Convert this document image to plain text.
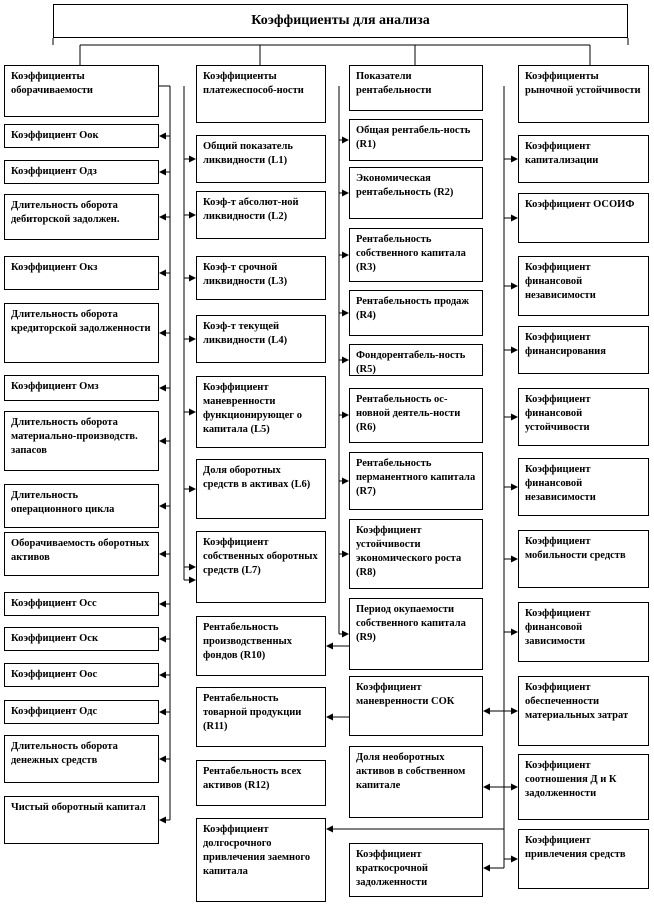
Коэффициенты для анализа
Коэффициенты оборачиваемости
Коэффициент Оок
Коэффициент Одз
Длительность оборота дебиторской задолжен.
Коэффициент Окз
Длительность оборота кредиторской задолженности
Коэффициент Омз
Длительность оборота материально-производств. запасов
Длительность операционного цикла
Оборачиваемость оборотных активов
Коэффициент Осс
Коэффициент Оск
Коэффициент Оос
Коэффициент Одс
Длительность оборота денежных средств
Чистый оборотный капитал
Коэффициенты платежеспособ-ности
Общий показатель ликвидности (L1)
Коэф-т абсолют-ной ликвидности (L2)
Коэф-т срочной ликвидности (L3)
Коэф-т текущей ликвидности (L4)
Коэффициент маневренности функционирующег о капитала (L5)
Доля оборотных средств в активах (L6)
Коэффициент собственных оборотных средств (L7)
Рентабельность производственных фондов (R10)
Рентабельность товарной продукции (R11)
Рентабельность всех активов (R12)
Коэффициент долгосрочного привлечения заемного капитала
Показатели рентабельности
Общая рентабель-ность (R1)
Экономическая рентабельность (R2)
Рентабельность собственного капитала (R3)
Рентабельность продаж (R4)
Фондорентабель-ность (R5)
Рентабельность ос-новной деятель-ности (R6)
Рентабельность перманентного капитала (R7)
Коэффициент устойчивости экономического роста (R8)
Период окупаемости собственного капитала (R9)
Коэффициент маневренности СОК
Доля необоротных активов в собственном капитале
Коэффициент краткосрочной задолженности
Коэффициенты рыночной устойчивости
Коэффициент капитализации
Коэффициент ОСОИФ
Коэффициент финансовой независимости
Коэффициент финансирования
Коэффициент финансовой устойчивости
Коэффициент финансовой независимости
Коэффициент мобильности средств
Коэффициент финансовой зависимости
Коэффициент обеспеченности материальных затрат
Коэффициент соотношения Д и К задолженности
Коэффициент привлечения средств
